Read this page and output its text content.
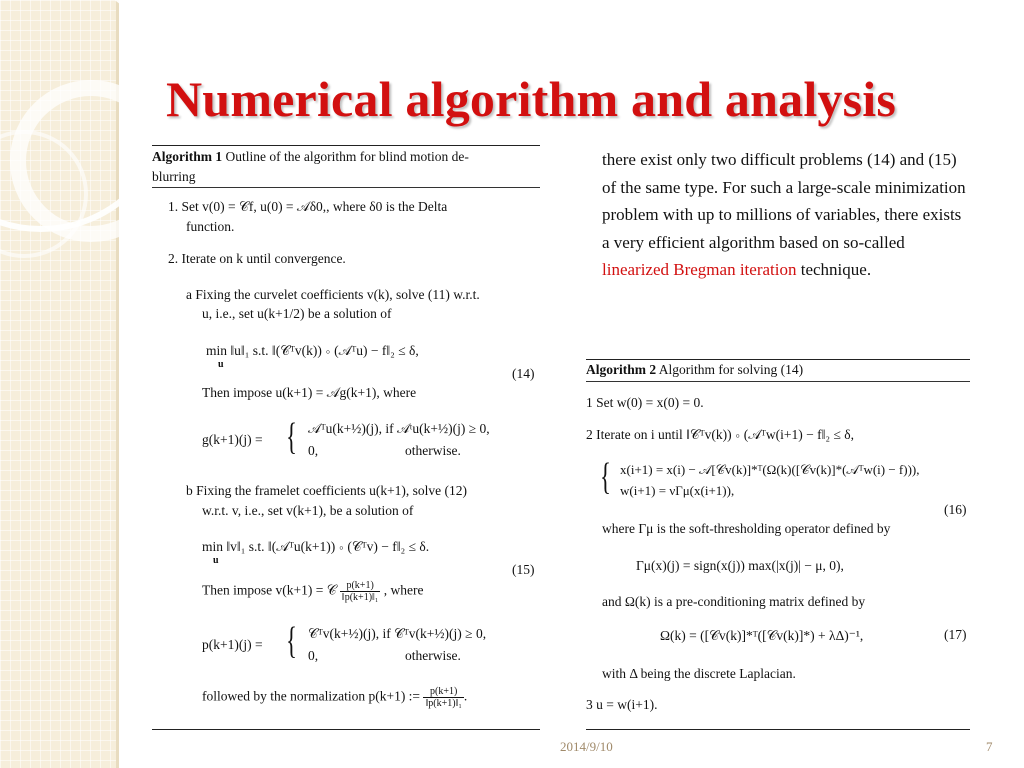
Numerical algorithm and analysis
Algorithm 1 Outline of the algorithm for blind motion de-
blurring
1. Set v(0) = 𝒞f, u(0) = 𝒜δ0,, where δ0 is the Delta
function.
2. Iterate on k until convergence.
a Fixing the curvelet coefficients v(k), solve (11) w.r.t.
u, i.e., set u(k+1/2) be a solution of
min ‖u‖₁ s.t. ‖(𝒞ᵀv(k)) ∘ (𝒜ᵀu) − f‖₂ ≤ δ,
u
(14)
Then impose u(k+1) = 𝒜g(k+1), where
g(k+1)(j) = { 𝒜ᵀu(k+½)(j), if 𝒜ᵗu(k+½)(j) ≥ 0,
0,	otherwise.
b Fixing the framelet coefficients u(k+1), solve (12)
w.r.t. v, i.e., set v(k+1), be a solution of
min ‖v‖₁ s.t. ‖(𝒜ᵀu(k+1)) ∘ (𝒞ᵀv) − f‖₂ ≤ δ.
u
(15)
Then impose v(k+1) = 𝒞 $\frac{p(k+1)}{\text{‖p(k+1)‖₁}}$ , where
p(k+1)(j) = { 𝒞ᵀv(k+½)(j), if 𝒞ᵀv(k+½)(j) ≥ 0,
0,	otherwise.
followed by the normalization p(k+1) := $\frac{p(k+1)}{\text{‖p(k+1)‖₁}}$ .
there exist only two difficult problems (14) and (15) of the same type. For such a large-scale minimization problem with up to millions of variables, there exists a very efficient algorithm based on so-called linearized Bregman iteration technique.
Algorithm 2 Algorithm for solving (14)
1 Set w(0) = x(0) = 0.
2 Iterate on i until ‖𝒞ᵀv(k)) ∘ (𝒜ᵀw(i+1) − f‖₂ ≤ δ,
{ x(i+1) = x(i) − 𝒜[𝒞v(k)]*ᵀ(Ω(k)([𝒞v(k)]*(𝒜ᵀw(i) − f))),
w(i+1) = νΓμ(x(i+1)),
(16)
where Γμ is the soft-thresholding operator defined by
Γμ(x)(j) = sign(x(j)) max(|x(j)| − μ, 0),
and Ω(k) is a pre-conditioning matrix defined by
Ω(k) = ([𝒞v(k)]*ᵀ([𝒞v(k)]*) + λΔ)⁻¹,	(17)
with Δ being the discrete Laplacian.
3 u = w(i+1).
2014/9/10	7
